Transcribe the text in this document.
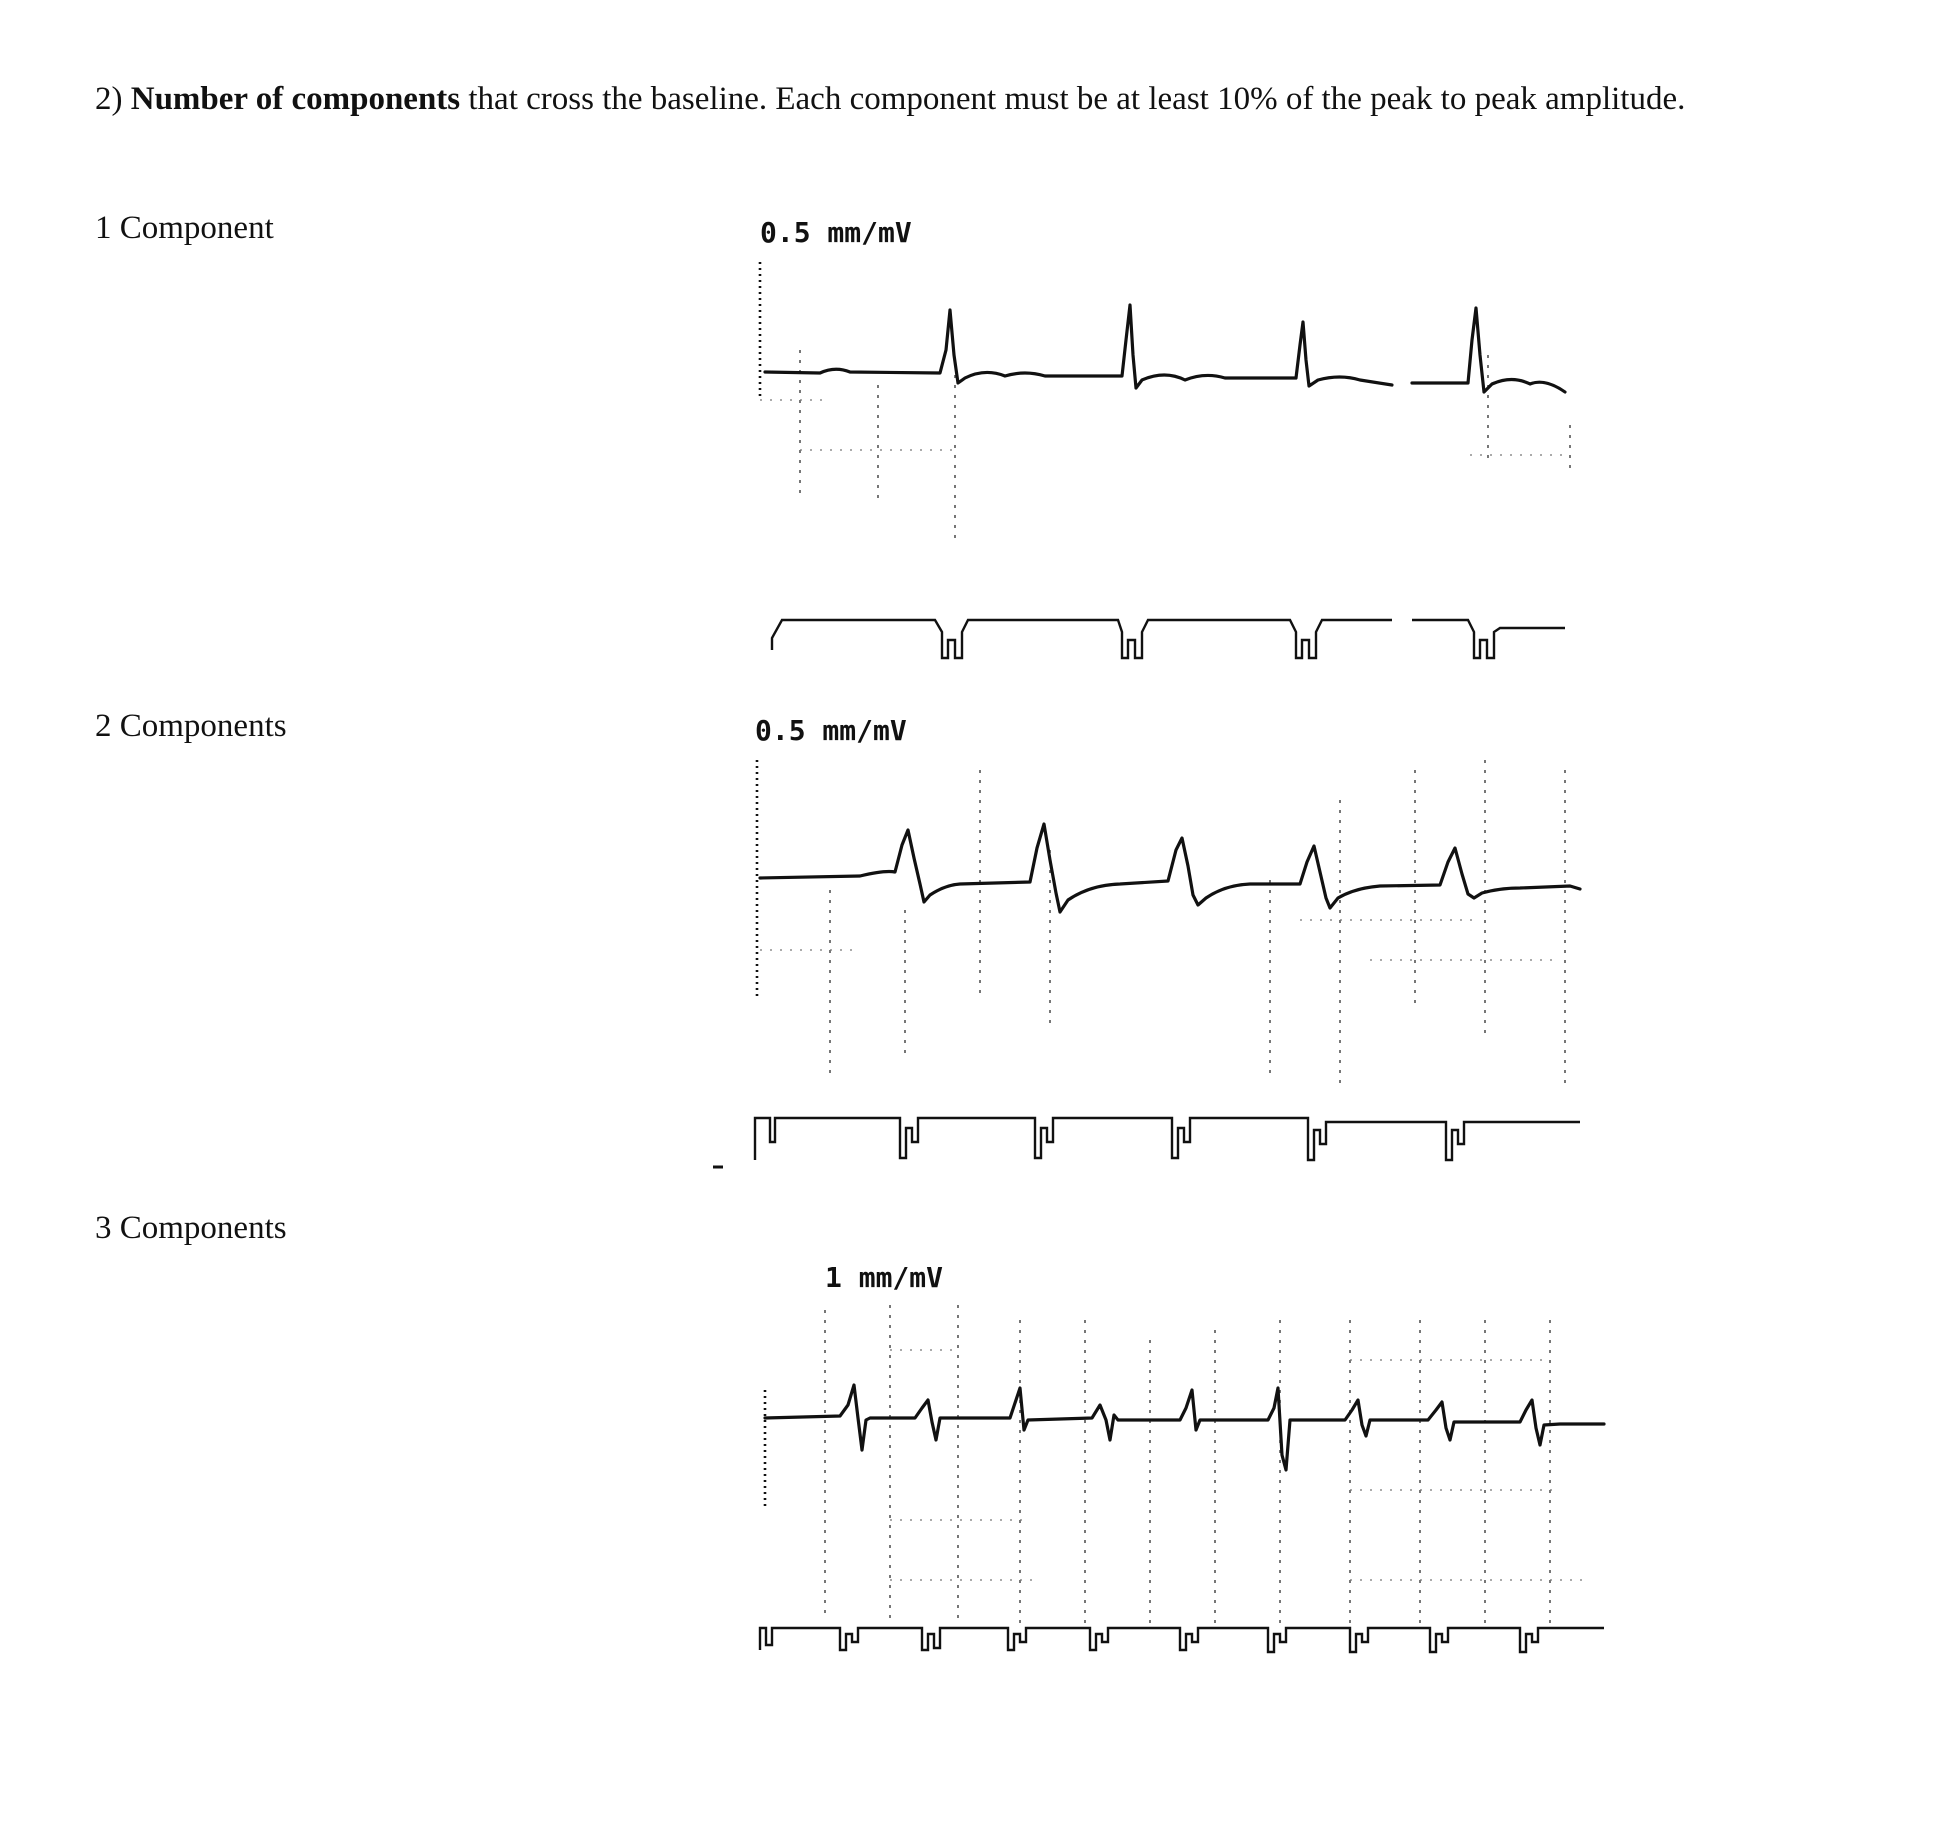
2) Number of components that cross the baseline. Each component must be at least 10% of the peak to peak amplitude.
1 Component
2 Components
3 Components
0.5 mm/mV
0.5 mm/mV
1 mm/mV
